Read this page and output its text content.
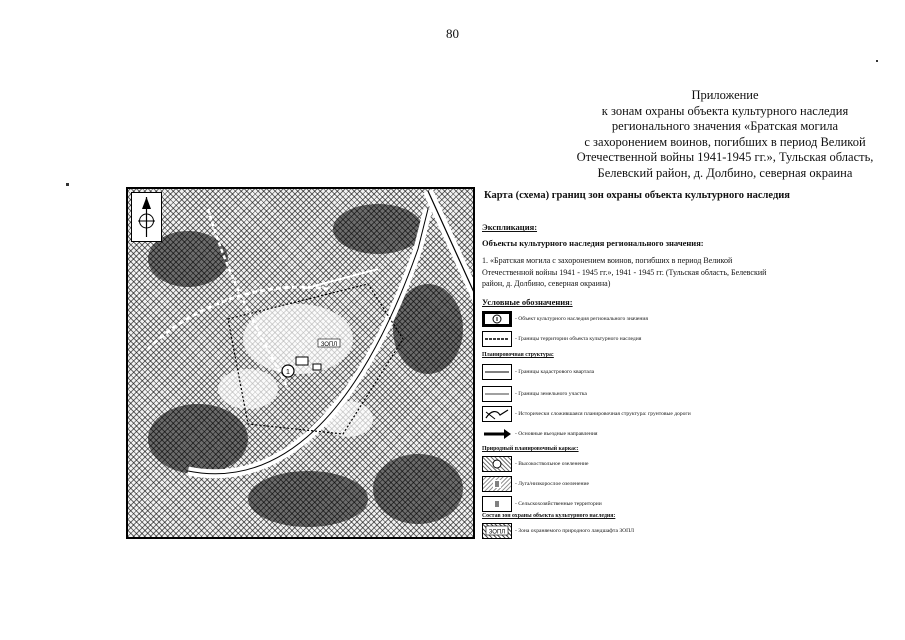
80
Приложение
к зонам охраны объекта культурного наследия
регионального значения «Братская могила
с захоронением воинов, погибших в период Великой
Отечественной войны 1941-1945 гг.», Тульская область,
Белевский район, д. Долбино, северная окраина
1
ЗОПЛ
Карта (схема) границ зон охраны объекта культурного наследия
Экспликация:
Объекты культурного наследия регионального значения:
1. «Братская могила с захоронением воинов, погибших в период Великой Отечественной войны 1941 - 1945 гг.», 1941 - 1945 гг. (Тульская область, Белевский район, д. Долбино, северная окраина)
Условные обозначения:
- Объект культурного наследия регионального значения
- Границы территории объекта культурного наследия
Планировочная структура:
- Границы кадастрового квартала
- Границы земельного участка
- Исторически сложившаяся планировочная структура: грунтовые дороги
- Основные въездные направления
Природный планировочный каркас:
- Высокоствольное озеленение
- Луга/низкорослое озеленение
- Сельскохозяйственные территории
Состав зон охраны объекта культурного наследия:
ЗОПЛ - Зона охраняемого природного ландшафта ЗОПЛ
